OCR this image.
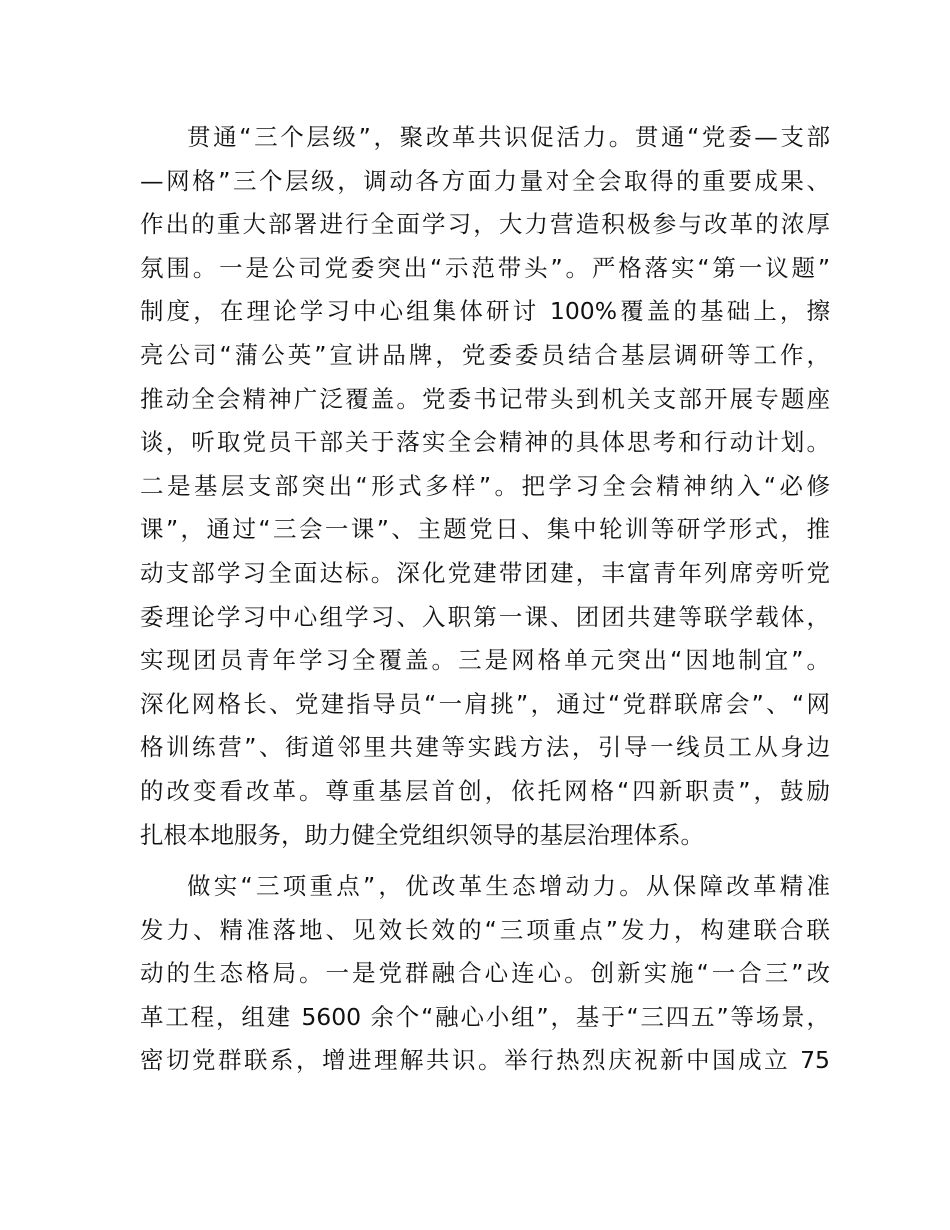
贯通“三个层级”，聚改革共识促活力。贯通“党委—支部
—网格”三个层级，调动各方面力量对全会取得的重要成果、
作出的重大部署进行全面学习，大力营造积极参与改革的浓厚
氛围。一是公司党委突出“示范带头”。严格落实“第一议题”
制度，在理论学习中心组集体研讨 100%覆盖的基础上，擦
亮公司“蒲公英”宣讲品牌，党委委员结合基层调研等工作，
推动全会精神广泛覆盖。党委书记带头到机关支部开展专题座
谈，听取党员干部关于落实全会精神的具体思考和行动计划。
二是基层支部突出“形式多样”。把学习全会精神纳入“必修
课”，通过“三会一课”、主题党日、集中轮训等研学形式，推
动支部学习全面达标。深化党建带团建，丰富青年列席旁听党
委理论学习中心组学习、入职第一课、团团共建等联学载体，
实现团员青年学习全覆盖。三是网格单元突出“因地制宜”。
深化网格长、党建指导员“一肩挑”，通过“党群联席会”、“网
格训练营”、街道邻里共建等实践方法，引导一线员工从身边
的改变看改革。尊重基层首创，依托网格“四新职责”，鼓励
扎根本地服务，助力健全党组织领导的基层治理体系。
做实“三项重点”，优改革生态增动力。从保障改革精准
发力、精准落地、见效长效的“三项重点”发力，构建联合联
动的生态格局。一是党群融合心连心。创新实施“一合三”改
革工程，组建 5600 余个“融心小组”，基于“三四五”等场景，
密切党群联系，增进理解共识。举行热烈庆祝新中国成立 75
